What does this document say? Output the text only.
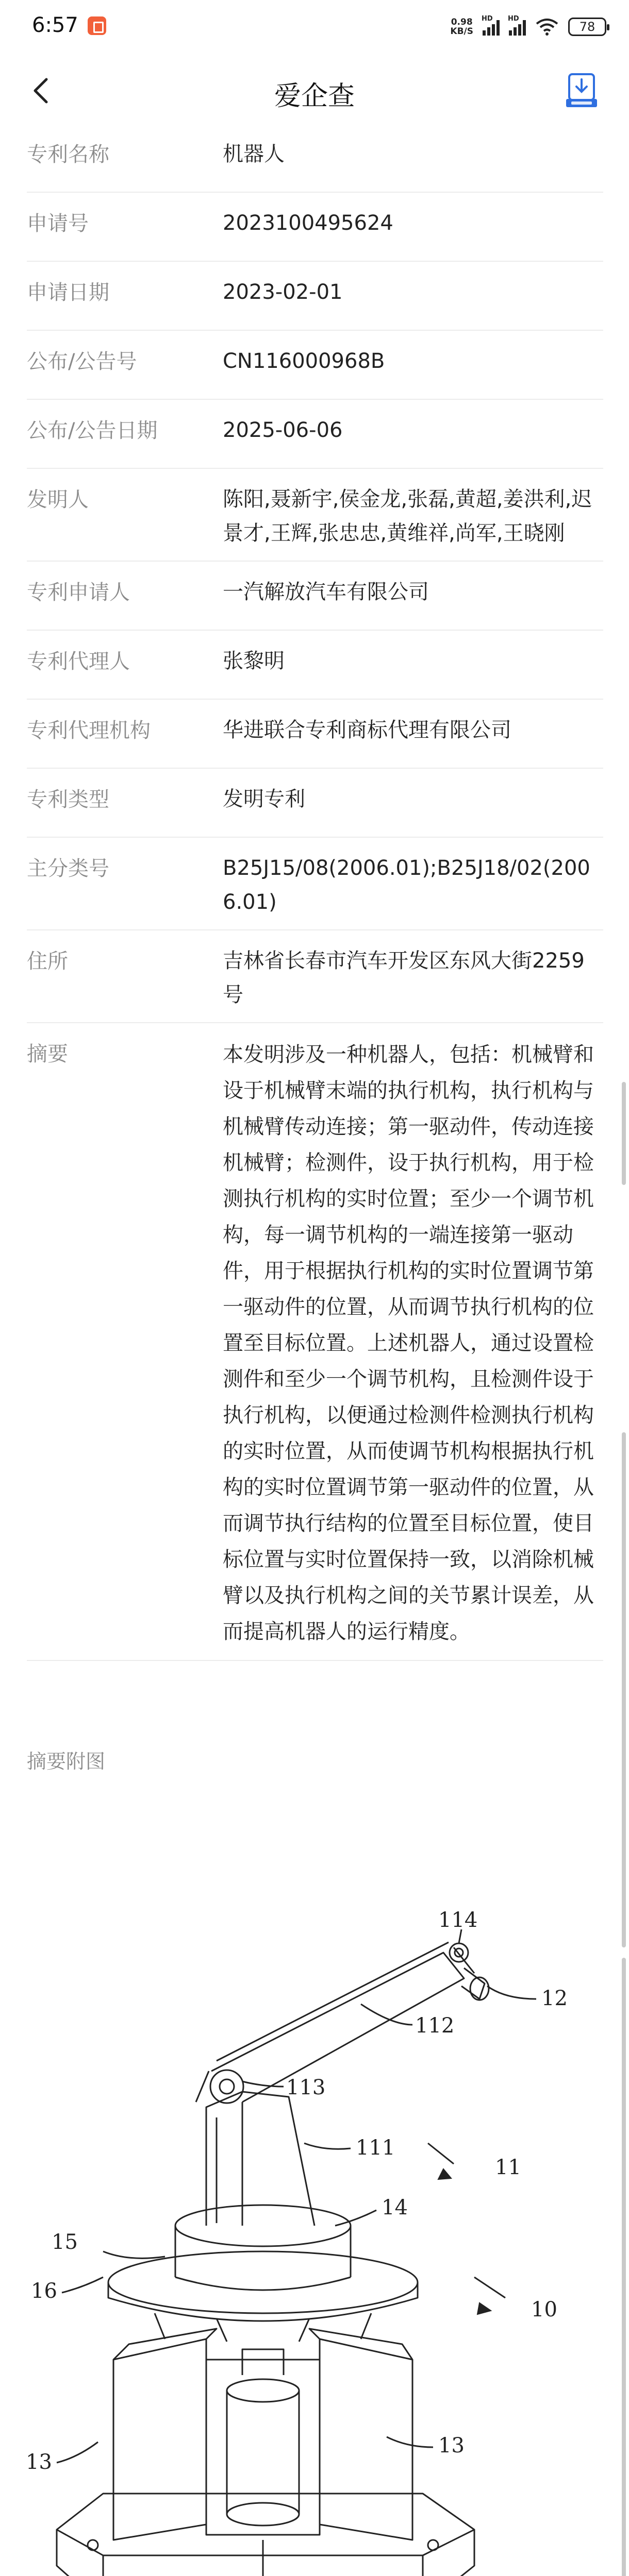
6:57	0.98
KB/S
HD HD
78
爱企查
专利名称	机器人
申请号	2023100495624
申请日期	2023-02-01
公布/公告号	CN116000968B
公布/公告日期	2025-06-06
发明人	陈阳,聂新宇,侯金龙,张磊,黄超,姜洪利,迟景才,王辉,张忠忠,黄维祥,尚军,王晓刚
专利申请人	一汽解放汽车有限公司
专利代理人	张黎明
专利代理机构	华进联合专利商标代理有限公司
专利类型	发明专利
主分类号	B25J15/08(2006.01);B25J18/02(2006.01)
住所	吉林省长春市汽车开发区东风大街2259号
摘要	本发明涉及一种机器人，包括：机械臂和设于机械臂末端的执行机构，执行机构与机械臂传动连接；第一驱动件，传动连接机械臂；检测件，设于执行机构，用于检测执行机构的实时位置；至少一个调节机构，每一调节机构的一端连接第一驱动件，用于根据执行机构的实时位置调节第一驱动件的位置，从而调节执行机构的位置至目标位置。上述机器人，通过设置检测件和至少一个调节机构，且检测件设于执行机构，以便通过检测件检测执行机构的实时位置，从而使调节机构根据执行机构的实时位置调节第一驱动件的位置，从而调节执行结构的位置至目标位置，使目标位置与实时位置保持一致，以消除机械臂以及执行机构之间的关节累计误差，从而提高机器人的运行精度。
摘要附图
114
12
112
113
111
11
14
15
16
10
13
13
